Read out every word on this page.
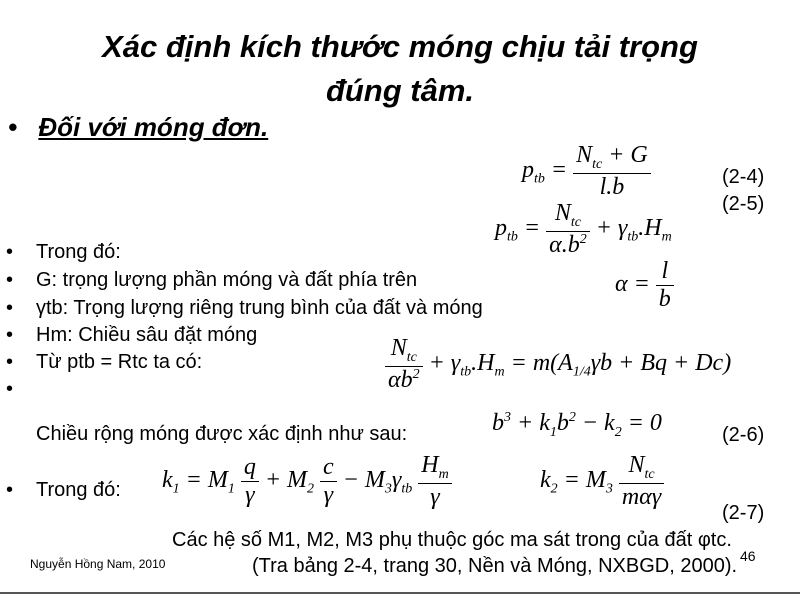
Xác định kích thước móng chịu tải trọng
đúng tâm.
• Đối với móng đơn.
$p_{tb} = \frac{N_{tc} + G}{l.b}$	(2-4)
(2-5)
$p_{tb} = \frac{N_{tc}}{\alpha.b^2} + \gamma_{tb}.H_m$
$\alpha = \frac{l}{b}$
• Trong đó:
• G: trọng lượng phần móng và đất phía trên
• γtb: Trọng lượng riêng trung bình của đất và móng
• Hm: Chiều sâu đặt móng
• Từ ptb = Rtc ta có:
•	$\frac{N_{tc}}{\alpha b^2} + \gamma_{tb}.H_m = m(A_{1/4}\gamma b + Bq + Dc)$
Chiều rộng móng được xác định như sau:	$b^3 + k_1b^2 - k_2 = 0$	(2-6)
• Trong đó: $k_1 = M_1 \frac{q}{\gamma} + M_2 \frac{c}{\gamma} - M_3\gamma_{tb} \frac{H_m}{\gamma}$	$k_2 = M_3 \frac{N_{tc}}{\text{mαγ}}$
(2-7)
Các hệ số M1, M2, M3 phụ thuộc góc ma sát trong của đất φtc.
(Tra bảng 2-4, trang 30, Nền và Móng, NXBGD, 2000).
Nguyễn Hồng Nam, 2010	46
